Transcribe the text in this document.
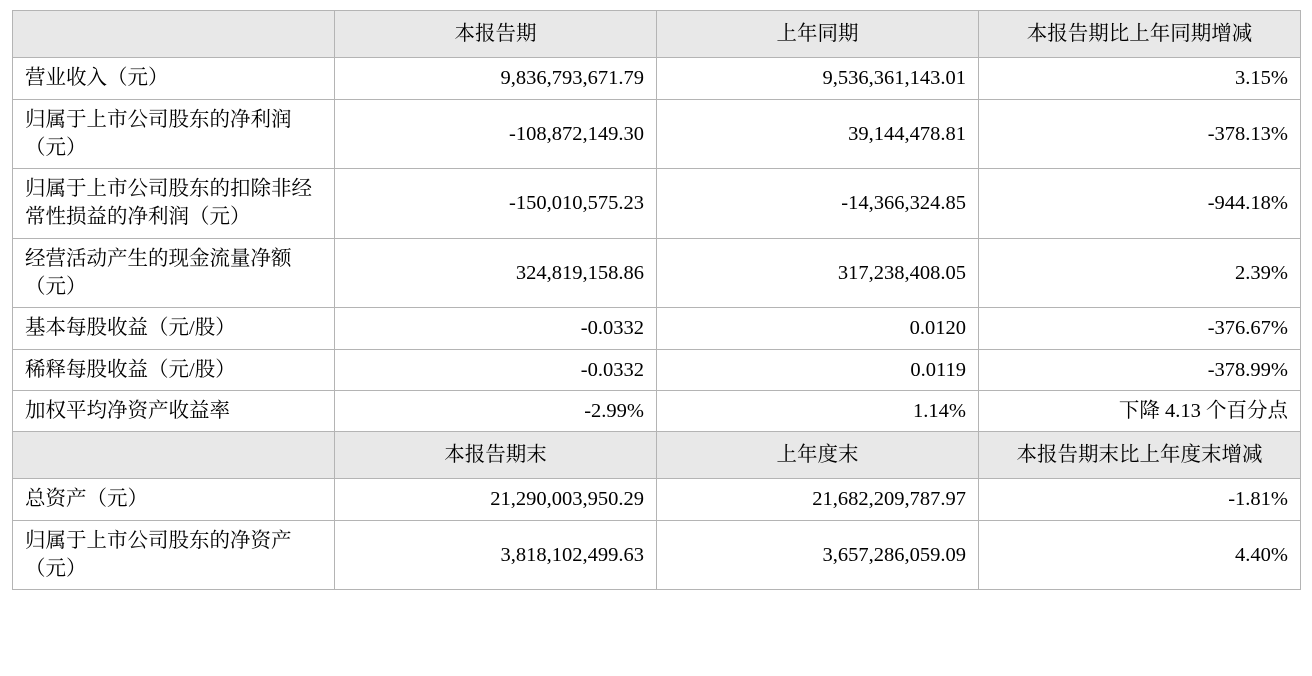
	本报告期	上年同期	本报告期比上年同期增减
营业收入（元）	9,836,793,671.79	9,536,361,143.01	3.15%
归属于上市公司股东的净利润（元）	-108,872,149.30	39,144,478.81	-378.13%
归属于上市公司股东的扣除非经常性损益的净利润（元）	-150,010,575.23	-14,366,324.85	-944.18%
经营活动产生的现金流量净额（元）	324,819,158.86	317,238,408.05	2.39%
基本每股收益（元/股）	-0.0332	0.0120	-376.67%
稀释每股收益（元/股）	-0.0332	0.0119	-378.99%
加权平均净资产收益率	-2.99%	1.14%	下降 4.13 个百分点
	本报告期末	上年度末	本报告期末比上年度末增减
总资产（元）	21,290,003,950.29	21,682,209,787.97	-1.81%
归属于上市公司股东的净资产（元）	3,818,102,499.63	3,657,286,059.09	4.40%
